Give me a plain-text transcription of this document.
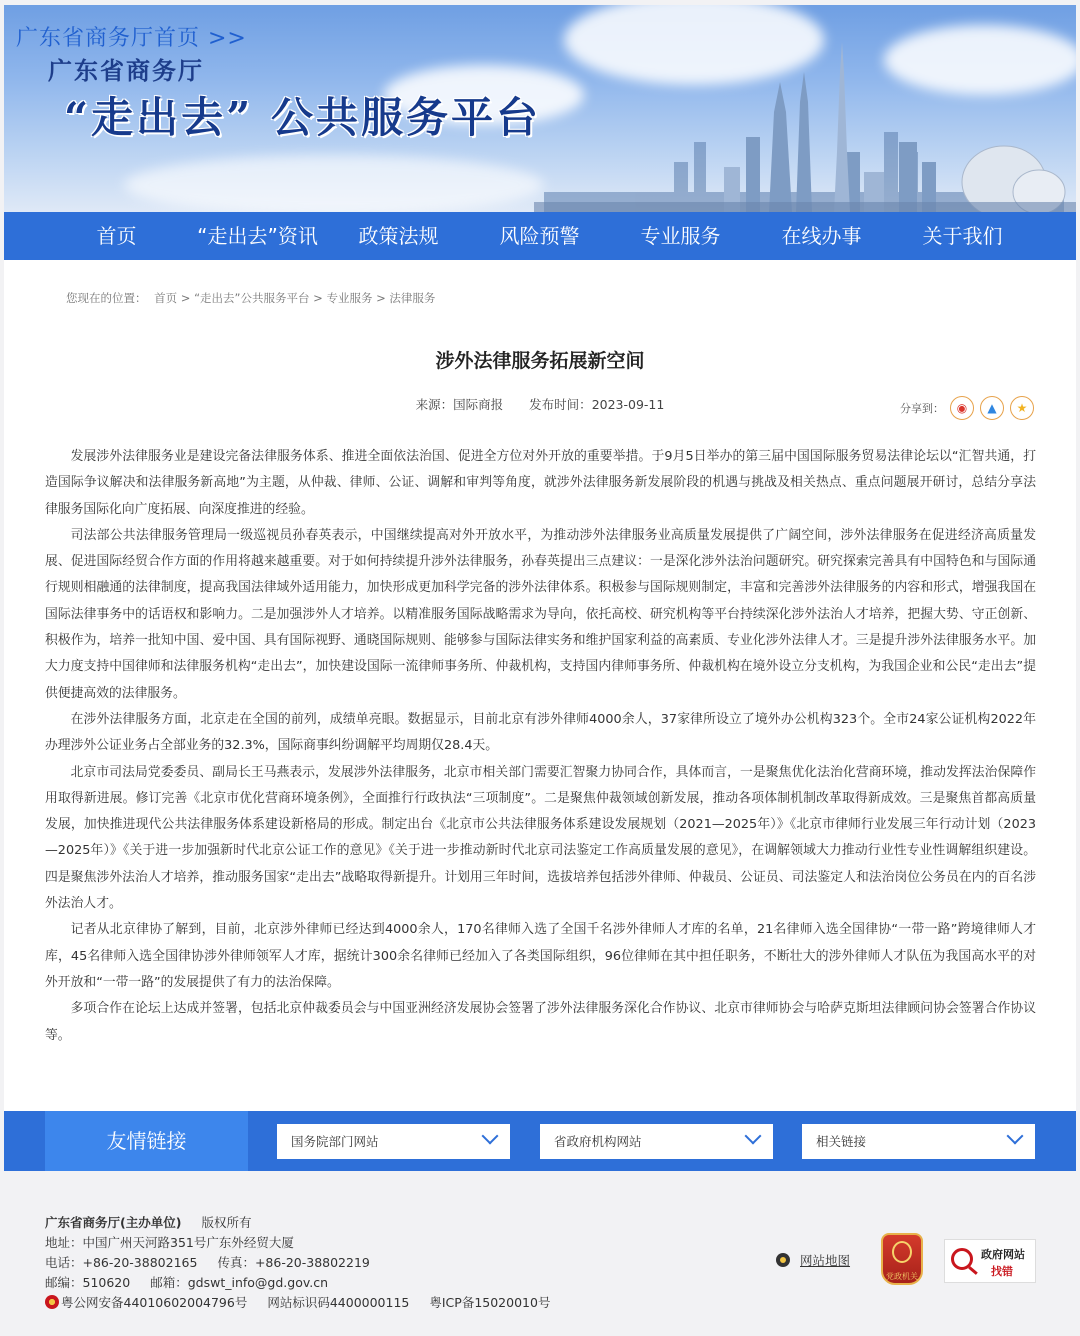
广东省商务厅首页 >>
广东省商务厅
“走出去” 公共服务平台
首页	“走出去”资讯	政策法规	风险预警	专业服务	在线办事	关于我们
您现在的位置： 首页 > “走出去”公共服务平台 > 专业服务 > 法律服务
涉外法律服务拓展新空间
来源：国际商报 发布时间：2023-09-11	分享到：	◉	▲	★

发展涉外法律服务业是建设完备法律服务体系、推进全面依法治国、促进全方位对外开放的重要举措。于9月5日举办的第三届中国国际服务贸易法律论坛以“汇智共通，打造国际争议解决和法律服务新高地”为主题，从仲裁、律师、公证、调解和审判等角度，就涉外法律服务新发展阶段的机遇与挑战及相关热点、重点问题展开研讨，总结分享法律服务国际化向广度拓展、向深度推进的经验。

司法部公共法律服务管理局一级巡视员孙春英表示，中国继续提高对外开放水平，为推动涉外法律服务业高质量发展提供了广阔空间，涉外法律服务在促进经济高质量发展、促进国际经贸合作方面的作用将越来越重要。对于如何持续提升涉外法律服务，孙春英提出三点建议：一是深化涉外法治问题研究。研究探索完善具有中国特色和与国际通行规则相融通的法律制度，提高我国法律域外适用能力，加快形成更加科学完备的涉外法律体系。积极参与国际规则制定，丰富和完善涉外法律服务的内容和形式，增强我国在国际法律事务中的话语权和影响力。二是加强涉外人才培养。以精准服务国际战略需求为导向，依托高校、研究机构等平台持续深化涉外法治人才培养，把握大势、守正创新、积极作为，培养一批知中国、爱中国、具有国际视野、通晓国际规则、能够参与国际法律实务和维护国家利益的高素质、专业化涉外法律人才。三是提升涉外法律服务水平。加大力度支持中国律师和法律服务机构“走出去”，加快建设国际一流律师事务所、仲裁机构，支持国内律师事务所、仲裁机构在境外设立分支机构，为我国企业和公民“走出去”提供便捷高效的法律服务。

在涉外法律服务方面，北京走在全国的前列，成绩单亮眼。数据显示，目前北京有涉外律师4000余人，37家律所设立了境外办公机构323个。全市24家公证机构2022年办理涉外公证业务占全部业务的32.3%，国际商事纠纷调解平均周期仅28.4天。

北京市司法局党委委员、副局长王马燕表示，发展涉外法律服务，北京市相关部门需要汇智聚力协同合作，具体而言，一是聚焦优化法治化营商环境，推动发挥法治保障作用取得新进展。修订完善《北京市优化营商环境条例》，全面推行行政执法“三项制度”。二是聚焦仲裁领域创新发展，推动各项体制机制改革取得新成效。三是聚焦首都高质量发展，加快推进现代公共法律服务体系建设新格局的形成。制定出台《北京市公共法律服务体系建设发展规划（2021—2025年）》《北京市律师行业发展三年行动计划（2023—2025年）》《关于进一步加强新时代北京公证工作的意见》《关于进一步推动新时代北京司法鉴定工作高质量发展的意见》，在调解领域大力推动行业性专业性调解组织建设。四是聚焦涉外法治人才培养，推动服务国家“走出去”战略取得新提升。计划用三年时间，选拔培养包括涉外律师、仲裁员、公证员、司法鉴定人和法治岗位公务员在内的百名涉外法治人才。

记者从北京律协了解到，目前，北京涉外律师已经达到4000余人，170名律师入选了全国千名涉外律师人才库的名单，21名律师入选全国律协“一带一路”跨境律师人才库，45名律师入选全国律协涉外律师领军人才库，据统计300余名律师已经加入了各类国际组织，96位律师在其中担任职务，不断壮大的涉外律师人才队伍为我国高水平的对外开放和“一带一路”的发展提供了有力的法治保障。

多项合作在论坛上达成并签署，包括北京仲裁委员会与中国亚洲经济发展协会签署了涉外法律服务深化合作协议、北京市律师协会与哈萨克斯坦法律顾问协会签署合作协议等。

友情链接	国务院部门网站	省政府机构网站	相关链接
广东省商务厅(主办单位) 版权所有
地址：中国广州天河路351号广东外经贸大厦
电话：+86-20-38802165 传真：+86-20-38802219
邮编：510620 邮箱：gdswt_info@gd.gov.cn
粤公网安备44010602004796号 网站标识码4400000115 粤ICP备15020010号
网站地图
党政机关
政府网站
找错
